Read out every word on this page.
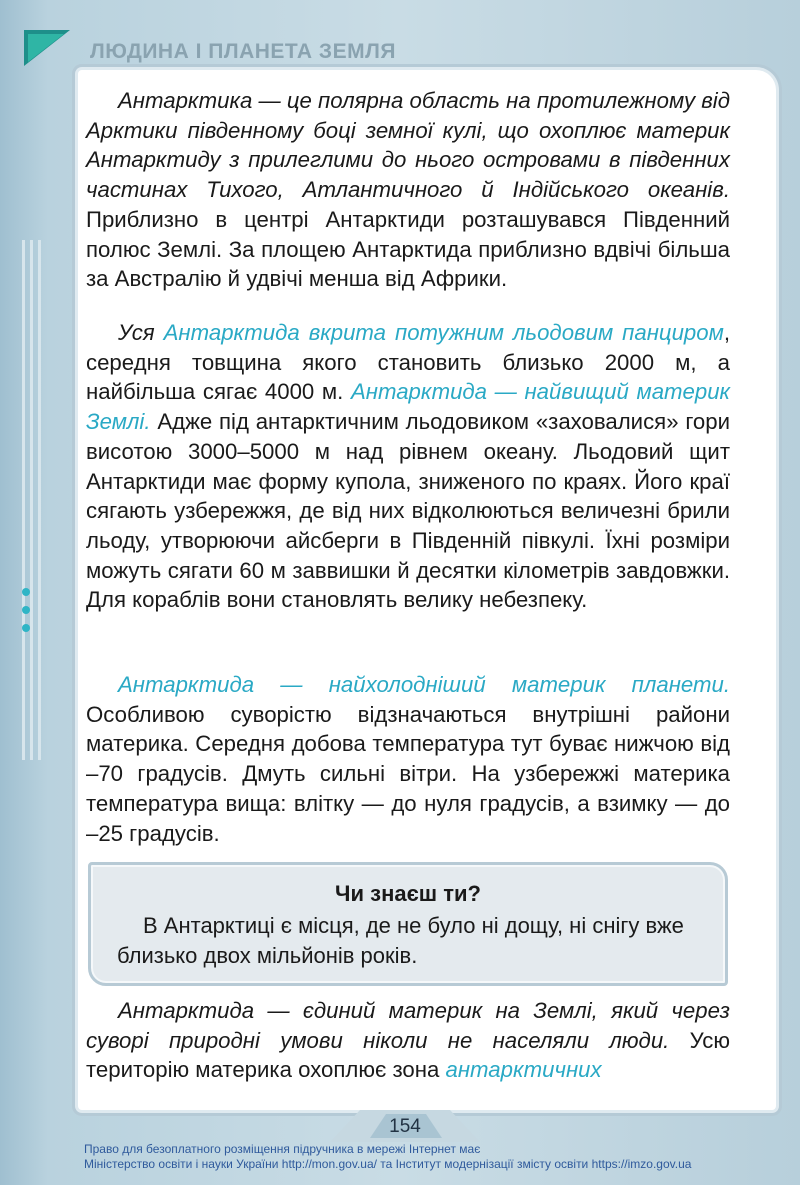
ЛЮДИНА І ПЛАНЕТА ЗЕМЛЯ

Антарктика — це полярна область на протилежному від Арктики південному боці земної кулі, що охоплює материк Антарктиду з прилеглими до нього островами в південних частинах Тихого, Атлантичного й Індійського океанів. Приблизно в центрі Антарктиди розташувався Південний полюс Землі. За площею Антарктида приблизно вдвічі більша за Австралію й удвічі менша від Африки.

Уся Антарктида вкрита потужним льодовим панциром, середня товщина якого становить близько 2000 м, а найбільша сягає 4000 м. Антарктида — найвищий материк Землі. Адже під антарктичним льодовиком «заховалися» гори висотою 3000–5000 м над рівнем океану. Льодовий щит Антарктиди має форму купола, зниженого по краях. Його краї сягають узбережжя, де від них відколюються величезні брили льоду, утворюючи айсберги в Південній півкулі. Їхні розміри можуть сягати 60 м заввишки й десятки кілометрів завдовжки. Для кораблів вони становлять велику небезпеку.

Антарктида — найхолодніший материк планети. Особливою суворістю відзначаються внутрішні райони материка. Середня добова температура тут буває нижчою від –70 градусів. Дмуть сильні вітри. На узбережжі материка температура вища: влітку — до нуля градусів, а взимку — до –25 градусів.

Чи знаєш ти?
В Антарктиці є місця, де не було ні дощу, ні снігу вже близько двох мільйонів років.

Антарктида — єдиний материк на Землі, який через суворі природні умови ніколи не населяли люди. Усю територію материка охоплює зона антарктичних

154
Право для безоплатного розміщення підручника в мережі Інтернет має
Міністерство освіти і науки України http://mon.gov.ua/ та Інститут модернізації змісту освіти https://imzo.gov.ua
